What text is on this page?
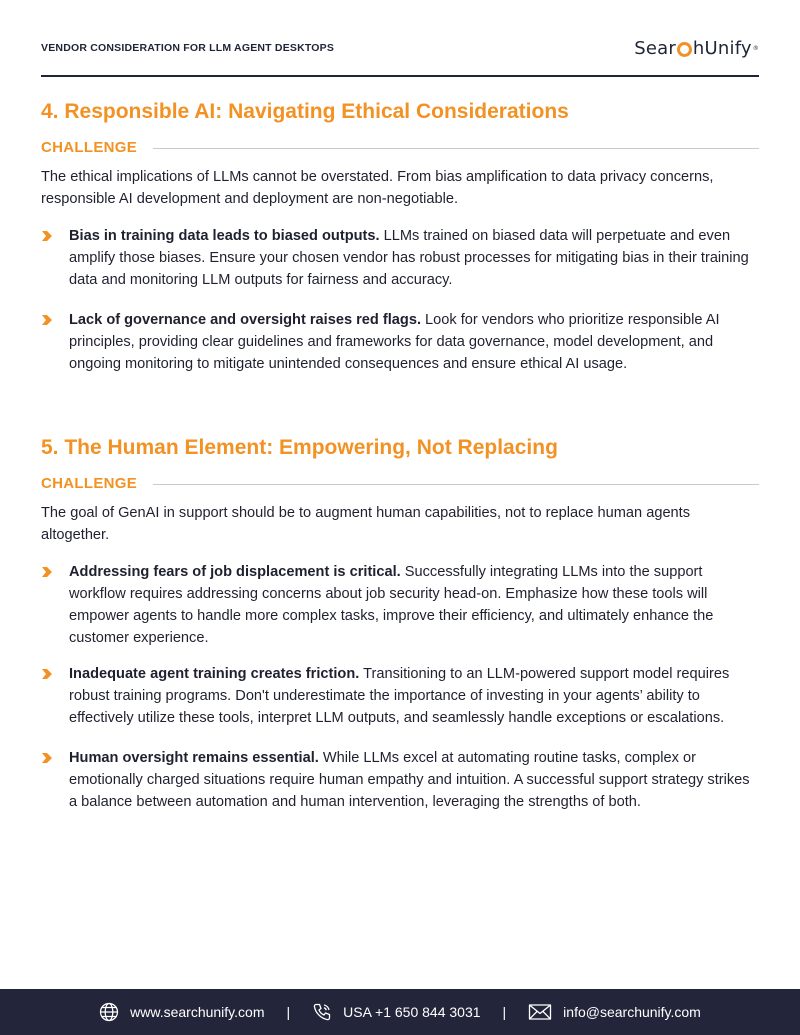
VENDOR CONSIDERATION FOR LLM AGENT DESKTOPS	Sear hUnify ®
4. Responsible AI: Navigating Ethical Considerations
CHALLENGE

The ethical implications of LLMs cannot be overstated. From bias amplification to data privacy concerns, responsible AI development and deployment are non-negotiable.

Bias in training data leads to biased outputs. LLMs trained on biased data will perpetuate and even amplify those biases. Ensure your chosen vendor has robust processes for mitigating bias in their training data and monitoring LLM outputs for fairness and accuracy.
Lack of governance and oversight raises red flags. Look for vendors who prioritize responsible AI principles, providing clear guidelines and frameworks for data governance, model development, and ongoing monitoring to mitigate unintended consequences and ensure ethical AI usage.
5. The Human Element: Empowering, Not Replacing
CHALLENGE

The goal of GenAI in support should be to augment human capabilities, not to replace human agents altogether.

Addressing fears of job displacement is critical. Successfully integrating LLMs into the support workflow requires addressing concerns about job security head-on. Emphasize how these tools will empower agents to handle more complex tasks, improve their efficiency, and ultimately enhance the customer experience.
Inadequate agent training creates friction. Transitioning to an LLM-powered support model requires robust training programs. Don't underestimate the importance of investing in your agents’ ability to effectively utilize these tools, interpret LLM outputs, and seamlessly handle exceptions or escalations.
Human oversight remains essential. While LLMs excel at automating routine tasks, complex or emotionally charged situations require human empathy and intuition. A successful support strategy strikes a balance between automation and human intervention, leveraging the strengths of both.
www.searchunify.com |	USA +1 650 844 3031 |	info@searchunify.com
